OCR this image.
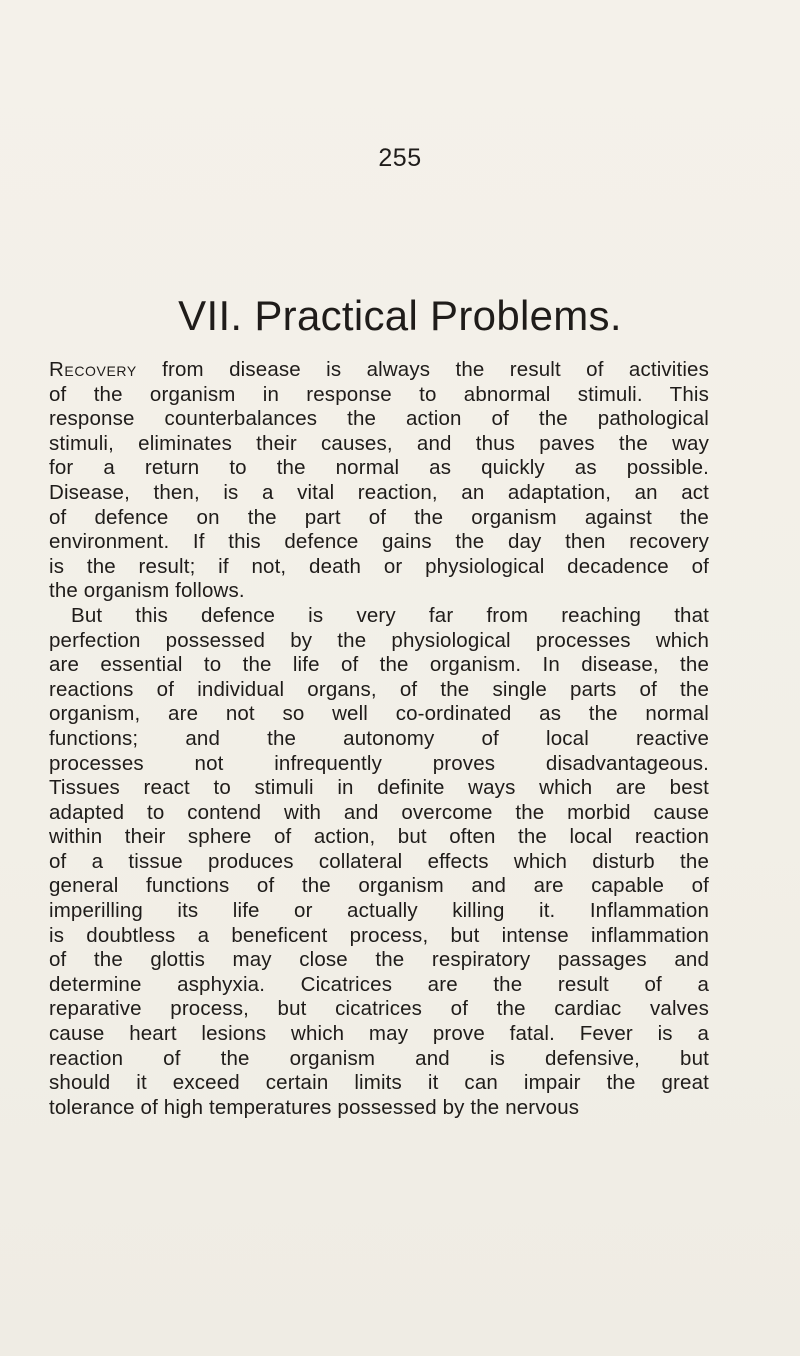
255
VII. Practical Problems.
Recovery from disease is always the result of activities
of the organism in response to abnormal stimuli. This
response counterbalances the action of the pathological
stimuli, eliminates their causes, and thus paves the way
for a return to the normal as quickly as possible.
Disease, then, is a vital reaction, an adaptation, an act
of defence on the part of the organism against the
environment. If this defence gains the day then recovery
is the result; if not, death or physiological decadence of
the organism follows.
But this defence is very far from reaching that
perfection possessed by the physiological processes which
are essential to the life of the organism. In disease, the
reactions of individual organs, of the single parts of the
organism, are not so well co-ordinated as the normal
functions; and the autonomy of local reactive
processes not infrequently proves disadvantageous.
Tissues react to stimuli in definite ways which are best
adapted to contend with and overcome the morbid cause
within their sphere of action, but often the local reaction
of a tissue produces collateral effects which disturb the
general functions of the organism and are capable of
imperilling its life or actually killing it. Inflammation
is doubtless a beneficent process, but intense inflammation
of the glottis may close the respiratory passages and
determine asphyxia. Cicatrices are the result of a
reparative process, but cicatrices of the cardiac valves
cause heart lesions which may prove fatal. Fever is a
reaction of the organism and is defensive, but
should it exceed certain limits it can impair the great
tolerance of high temperatures possessed by the nervous
